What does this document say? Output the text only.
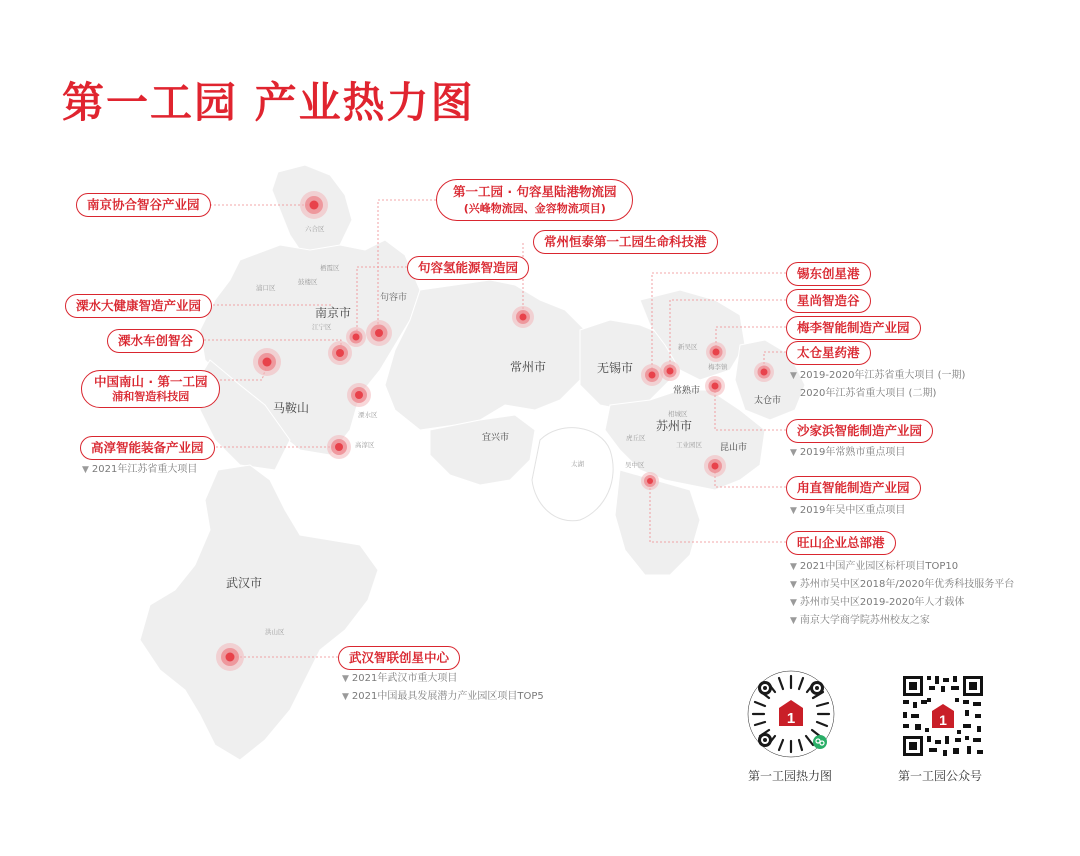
第一工园 产业热力图
南京市
句容市
马鞍山
常州市	无锡市
常熟市
苏州市
太仓市
昆山市
宜兴市
武汉市
六合区
栖霞区
鼓楼区
浦口区
江宁区
溧水区
高淳区
新吴区
梅李镇
相城区
虎丘区
工业园区
吴中区
太湖
洪山区
南京协合智谷产业园
第一工园 · 句容星陆港物流园
(兴峰物流园、金容物流项目)
常州恒泰第一工园生命科技港
句容氢能源智造园
溧水大健康智造产业园
溧水车创智谷
中国南山 · 第一工园
浦和智造科技园
高淳智能装备产业园
锡东创星港
星尚智造谷
梅李智能制造产业园
太仓星药港
沙家浜智能制造产业园
甪直智能制造产业园
旺山企业总部港
武汉智联创星中心
▼ 2021年江苏省重大项目
▼ 2019-2020年江苏省重大项目 (一期)
2020年江苏省重大项目 (二期)
▼ 2019年常熟市重点项目
▼ 2019年吴中区重点项目
▼ 2021中国产业园区标杆项目TOP10
▼ 苏州市吴中区2018年/2020年优秀科技服务平台
▼ 苏州市吴中区2019-2020年人才载体
▼ 南京大学商学院苏州校友之家
▼ 2021年武汉市重大项目
▼ 2021中国最具发展潜力产业园区项目TOP5
1
第一工园热力图
1
第一工园公众号
